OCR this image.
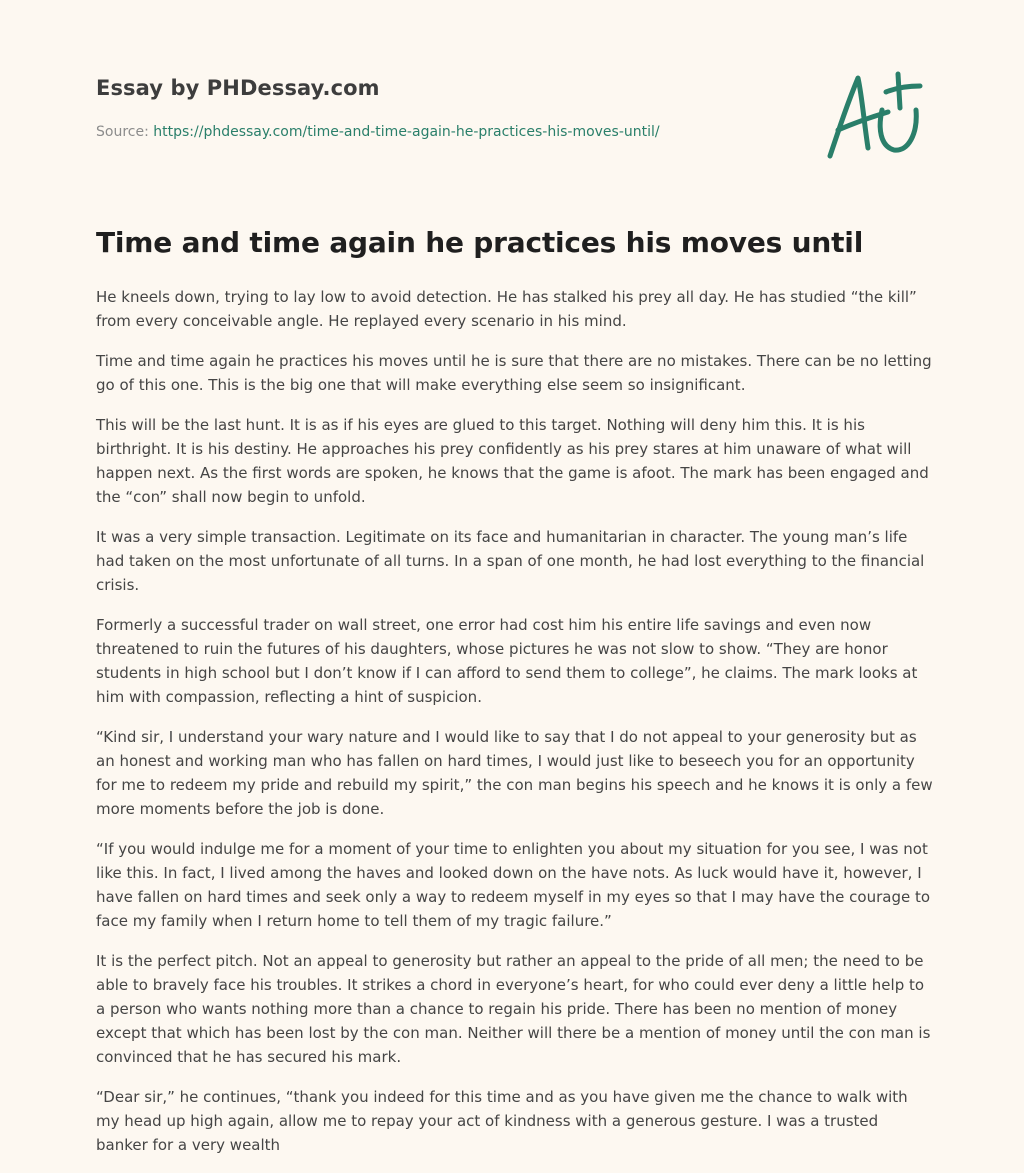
Essay by PHDessay.com
Source: https://phdessay.com/time-and-time-again-he-practices-his-moves-until/
Time and time again he practices his moves until

He kneels down, trying to lay low to avoid detection. He has stalked his prey all day. He has studied “the kill” from every conceivable angle. He replayed every scenario in his mind.

Time and time again he practices his moves until he is sure that there are no mistakes. There can be no letting go of this one. This is the big one that will make everything else seem so insignificant.

This will be the last hunt. It is as if his eyes are glued to this target. Nothing will deny him this. It is his birthright. It is his destiny. He approaches his prey confidently as his prey stares at him unaware of what will happen next. As the first words are spoken, he knows that the game is afoot. The mark has been engaged and the “con” shall now begin to unfold.

It was a very simple transaction. Legitimate on its face and humanitarian in character. The young man’s life had taken on the most unfortunate of all turns. In a span of one month, he had lost everything to the financial crisis.

Formerly a successful trader on wall street, one error had cost him his entire life savings and even now threatened to ruin the futures of his daughters, whose pictures he was not slow to show. “They are honor students in high school but I don’t know if I can afford to send them to college”, he claims. The mark looks at him with compassion, reflecting a hint of suspicion.

“Kind sir, I understand your wary nature and I would like to say that I do not appeal to your generosity but as an honest and working man who has fallen on hard times, I would just like to beseech you for an opportunity for me to redeem my pride and rebuild my spirit,” the con man begins his speech and he knows it is only a few more moments before the job is done.

“If you would indulge me for a moment of your time to enlighten you about my situation for you see, I was not like this. In fact, I lived among the haves and looked down on the have nots. As luck would have it, however, I have fallen on hard times and seek only a way to redeem myself in my eyes so that I may have the courage to face my family when I return home to tell them of my tragic failure.”

It is the perfect pitch. Not an appeal to generosity but rather an appeal to the pride of all men; the need to be able to bravely face his troubles. It strikes a chord in everyone’s heart, for who could ever deny a little help to a person who wants nothing more than a chance to regain his pride. There has been no mention of money except that which has been lost by the con man. Neither will there be a mention of money until the con man is convinced that he has secured his mark.

“Dear sir,” he continues, “thank you indeed for this time and as you have given me the chance to walk with my head up high again, allow me to repay your act of kindness with a generous gesture. I was a trusted banker for a very wealth
